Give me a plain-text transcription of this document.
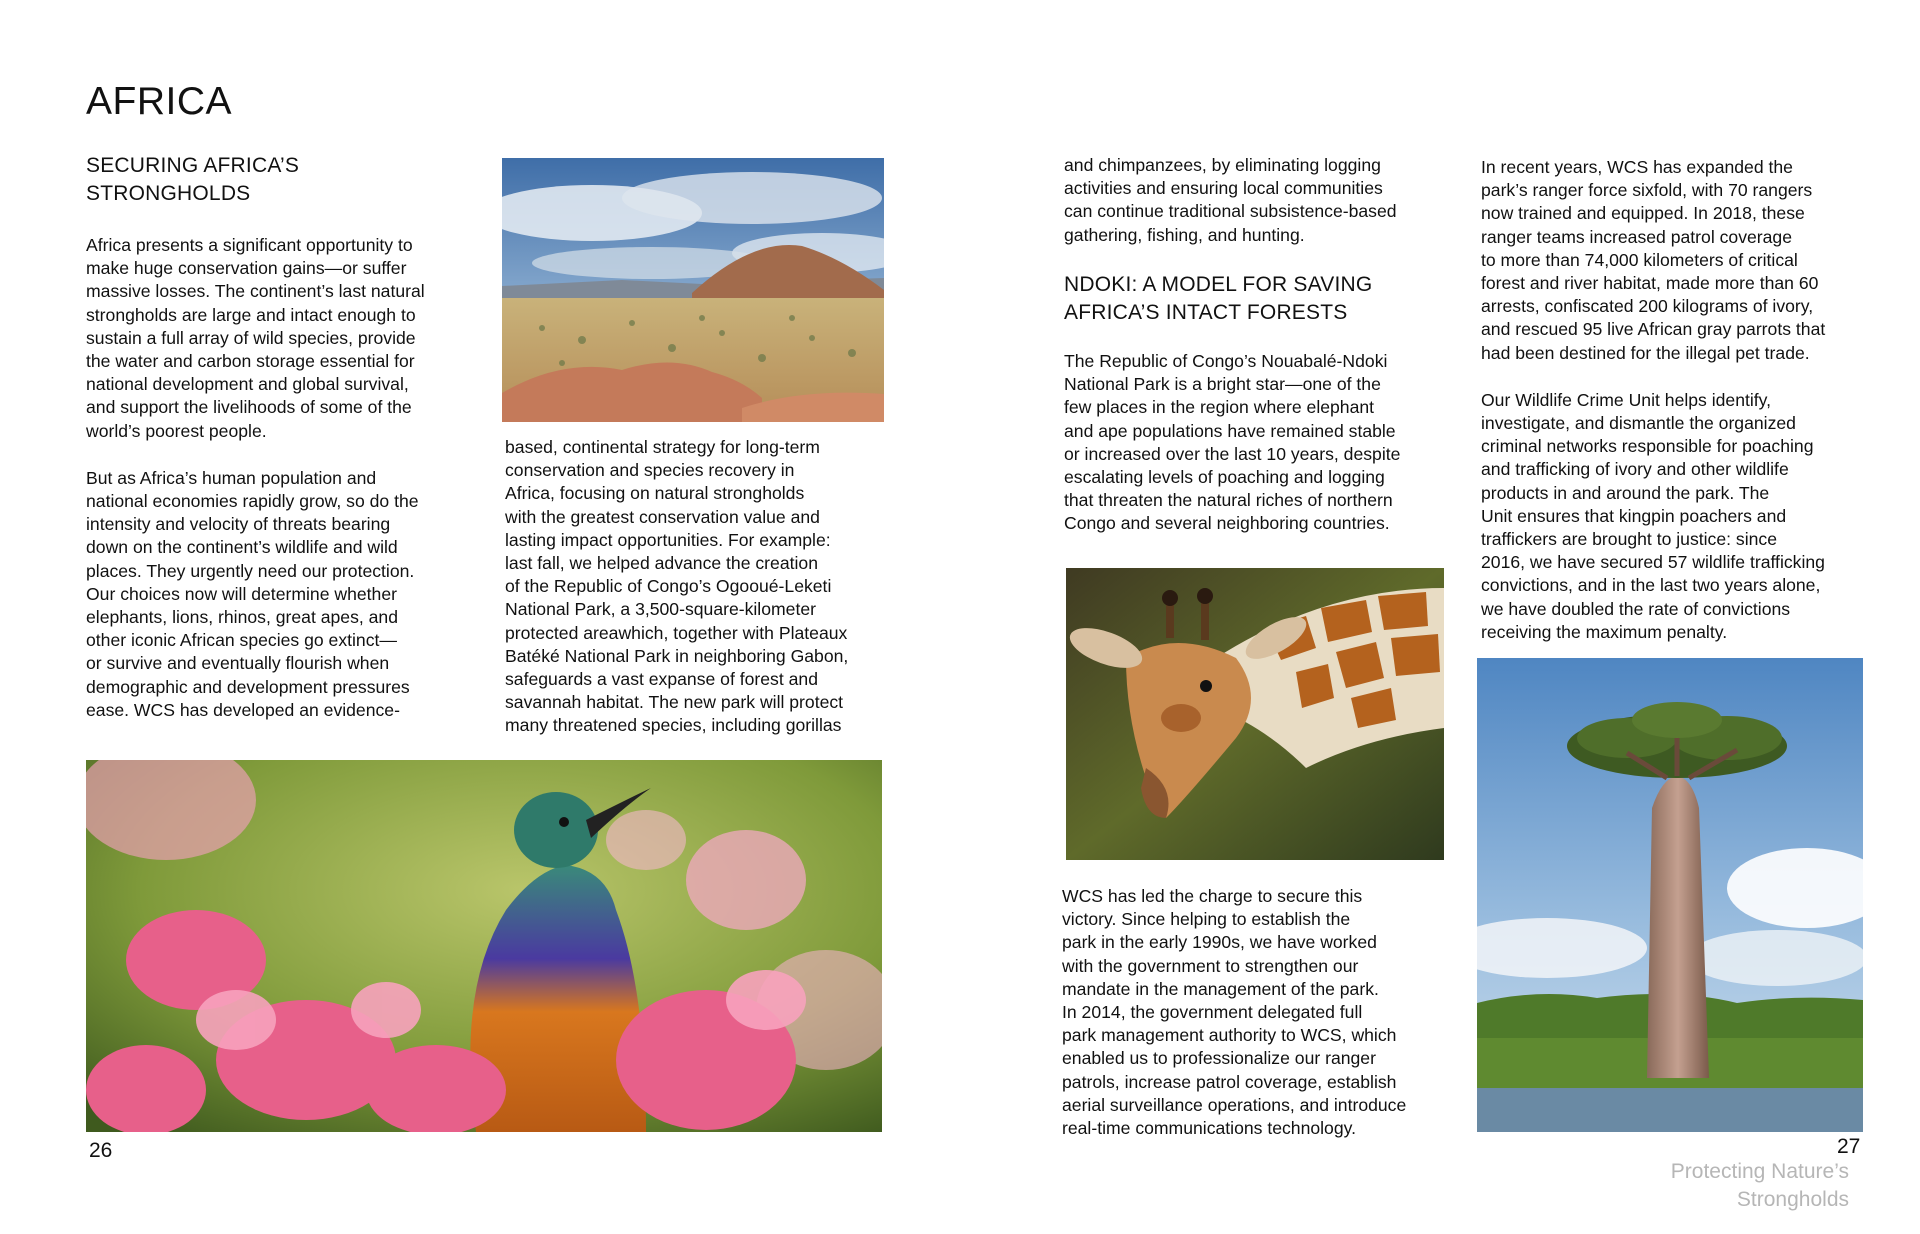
AFRICA
SECURING AFRICA’S
STRONGHOLDS

Africa presents a significant opportunity to
make huge conservation gains—or suffer
massive losses. The continent’s last natural
strongholds are large and intact enough to
sustain a full array of wild species, provide
the water and carbon storage essential for
national development and global survival,
and support the livelihoods of some of the
world’s poorest people.

But as Africa’s human population and
national economies rapidly grow, so do the
intensity and velocity of threats bearing
down on the continent’s wildlife and wild
places. They urgently need our protection.
Our choices now will determine whether
elephants, lions, rhinos, great apes, and
other iconic African species go extinct—
or survive and eventually flourish when
demographic and development pressures
ease. WCS has developed an evidence-

based, continental strategy for long-term
conservation and species recovery in
Africa, focusing on natural strongholds
with the greatest conservation value and
lasting impact opportunities. For example:
last fall, we helped advance the creation
of the Republic of Congo’s Ogooué-Leketi
National Park, a 3,500-square-kilometer
protected areawhich, together with Plateaux
Batéké National Park in neighboring Gabon,
safeguards a vast expanse of forest and
savannah habitat. The new park will protect
many threatened species, including gorillas

26

and chimpanzees, by eliminating logging
activities and ensuring local communities
can continue traditional subsistence-based
gathering, fishing, and hunting.

NDOKI: A MODEL FOR SAVING
AFRICA’S INTACT FORESTS

The Republic of Congo’s Nouabalé-Ndoki
National Park is a bright star—one of the
few places in the region where elephant
and ape populations have remained stable
or increased over the last 10 years, despite
escalating levels of poaching and logging
that threaten the natural riches of northern
Congo and several neighboring countries.

WCS has led the charge to secure this
victory. Since helping to establish the
park in the early 1990s, we have worked
with the government to strengthen our
mandate in the management of the park.
In 2014, the government delegated full
park management authority to WCS, which
enabled us to professionalize our ranger
patrols, increase patrol coverage, establish
aerial surveillance operations, and introduce
real-time communications technology.

In recent years, WCS has expanded the
park’s ranger force sixfold, with 70 rangers
now trained and equipped. In 2018, these
ranger teams increased patrol coverage
to more than 74,000 kilometers of critical
forest and river habitat, made more than 60
arrests, confiscated 200 kilograms of ivory,
and rescued 95 live African gray parrots that
had been destined for the illegal pet trade.

Our Wildlife Crime Unit helps identify,
investigate, and dismantle the organized
criminal networks responsible for poaching
and trafficking of ivory and other wildlife
products in and around the park. The
Unit ensures that kingpin poachers and
traffickers are brought to justice: since
2016, we have secured 57 wildlife trafficking
convictions, and in the last two years alone,
we have doubled the rate of convictions
receiving the maximum penalty.

27
Protecting Nature’s
Strongholds
